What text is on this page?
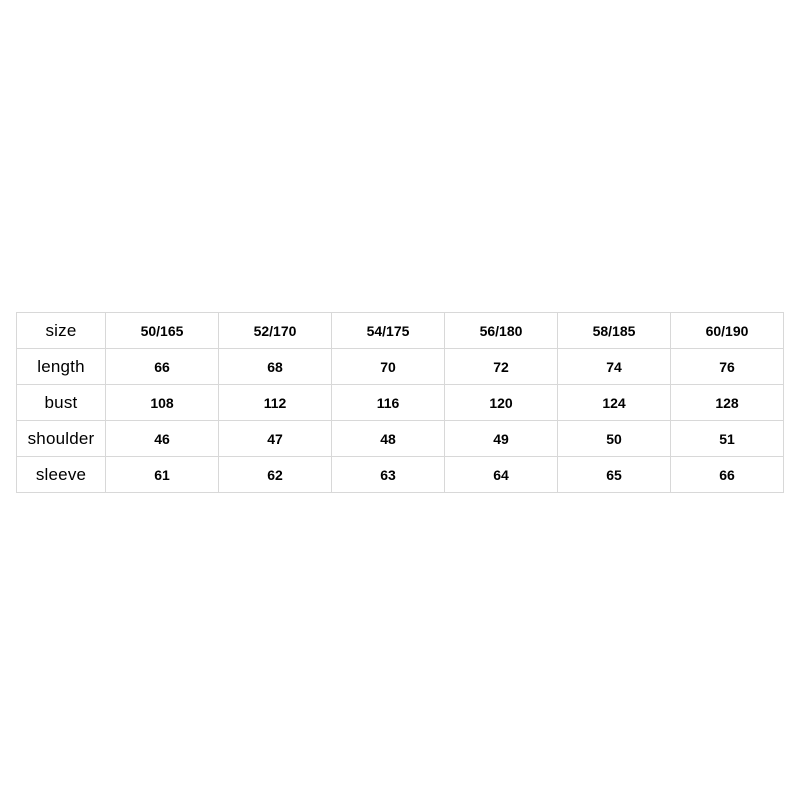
size	50/165	52/170	54/175	56/180	58/185	60/190
length	66	68	70	72	74	76
bust	108	112	116	120	124	128
shoulder	46	47	48	49	50	51
sleeve	61	62	63	64	65	66
